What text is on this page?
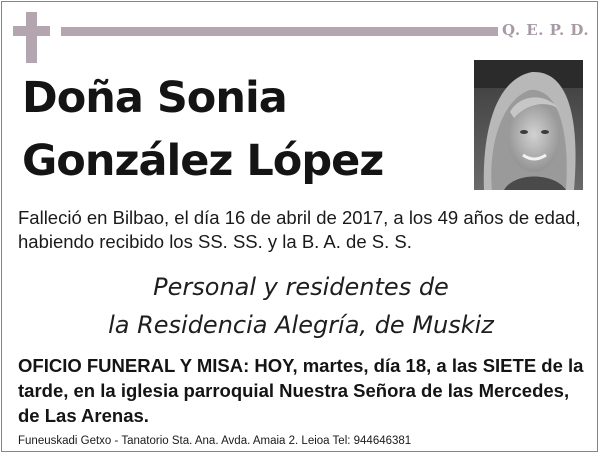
Q. E. P. D.
Doña Sonia
González López
Falleció en Bilbao, el día 16 de abril de 2017, a los 49 años de edad, habiendo recibido los SS. SS. y la B. A. de S. S.
Personal y residentes de
la Residencia Alegría, de Muskiz
OFICIO FUNERAL Y MISA: HOY, martes, día 18, a las SIETE de la tarde, en la iglesia parroquial Nuestra Señora de las Mercedes, de Las Arenas.
Funeuskadi Getxo - Tanatorio Sta. Ana. Avda. Amaia 2. Leioa Tel: 944646381
